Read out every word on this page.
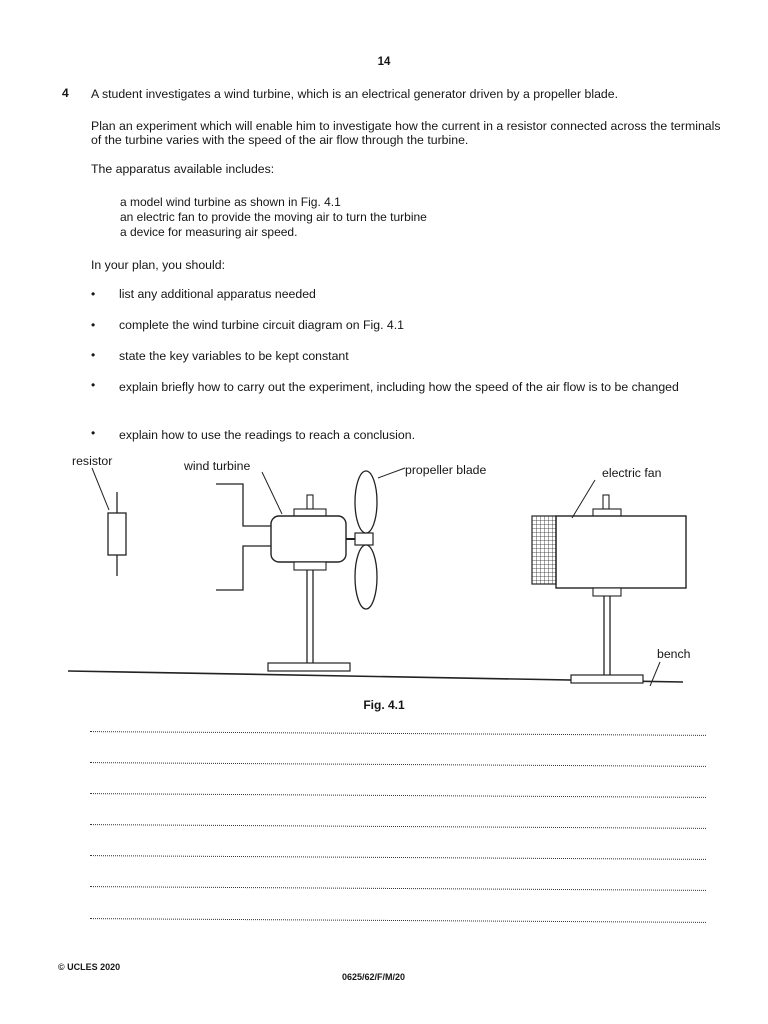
14
4 A student investigates a wind turbine, which is an electrical generator driven by a propeller blade.
Plan an experiment which will enable him to investigate how the current in a resistor connected across the terminals of the turbine varies with the speed of the air flow through the turbine.
The apparatus available includes:
a model wind turbine as shown in Fig. 4.1
an electric fan to provide the moving air to turn the turbine
a device for measuring air speed.
In your plan, you should:
• list any additional apparatus needed
• complete the wind turbine circuit diagram on Fig. 4.1
• state the key variables to be kept constant
• explain briefly how to carry out the experiment, including how the speed of the air flow is to be changed
• explain how to use the readings to reach a conclusion.
resistor	wind turbine	propeller blade	electric fan
bench
Fig. 4.1
© UCLES 2020
0625/62/F/M/20
